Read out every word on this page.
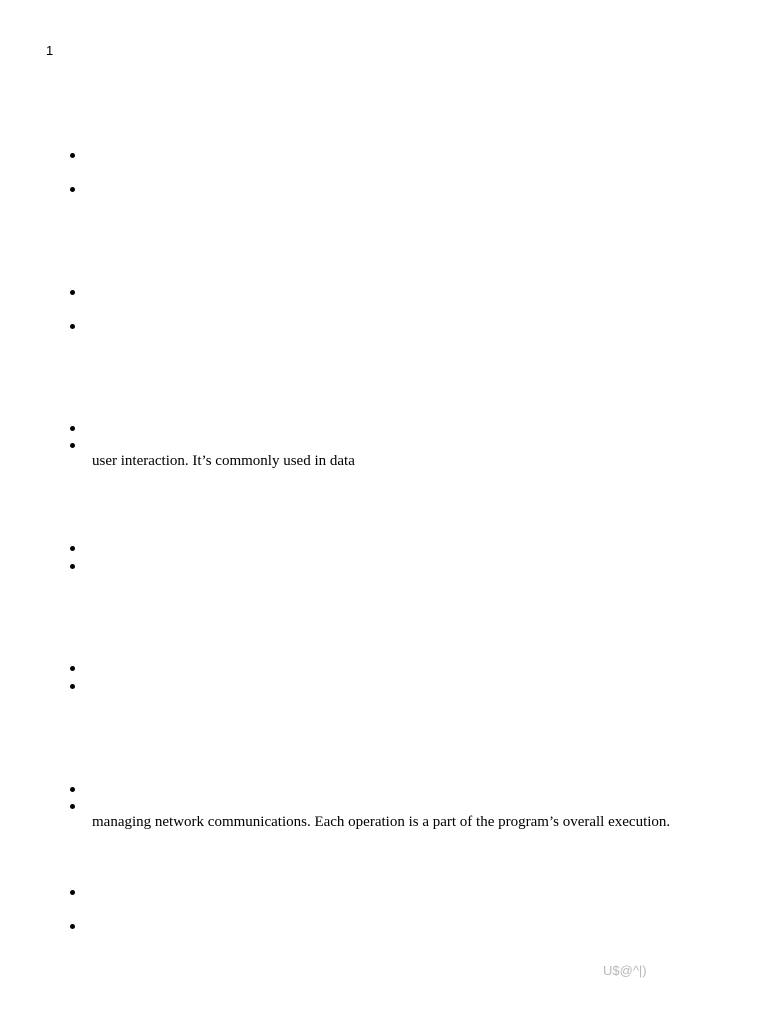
1
user interaction. It’s commonly used in data
managing network communications. Each operation is a part of the program’s overall execution.
U$@^|)
